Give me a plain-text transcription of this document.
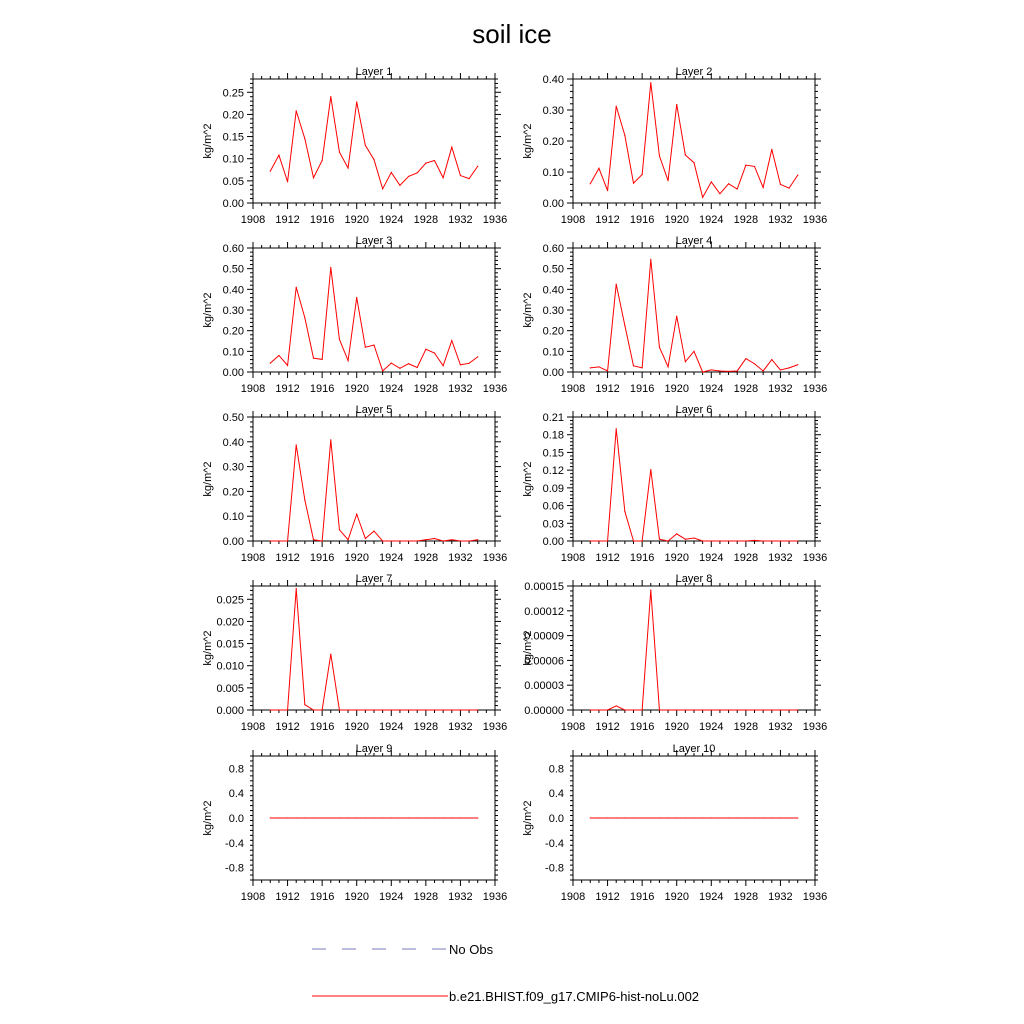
soil ice
Layer 1
kg/m^2
1908 1912 1916 1920 1924 1928 1932 1936
0.00
0.05
0.10
0.15
0.20
0.25
Layer 2
kg/m^2
1908 1912 1916 1920 1924 1928 1932 1936
0.00
0.10
0.20
0.30
0.40
Layer 3
kg/m^2
1908 1912 1916 1920 1924 1928 1932 1936
0.00
0.10
0.20
0.30
0.40
0.50
0.60
Layer 4
kg/m^2
1908 1912 1916 1920 1924 1928 1932 1936
0.00
0.10
0.20
0.30
0.40
0.50
0.60
Layer 5
kg/m^2
1908 1912 1916 1920 1924 1928 1932 1936
0.00
0.10
0.20
0.30
0.40
0.50
Layer 6
kg/m^2
1908 1912 1916 1920 1924 1928 1932 1936
0.00
0.03
0.06
0.09
0.12
0.15
0.18
0.21
Layer 7
kg/m^2
1908 1912 1916 1920 1924 1928 1932 1936
0.000
0.005
0.010
0.015
0.020
0.025
Layer 8
kg/m^2
1908 1912 1916 1920 1924 1928 1932 1936
0.00000
0.00003
0.00006
0.00009
0.00012
0.00015
Layer 9
kg/m^2
1908 1912 1916 1920 1924 1928 1932 1936
-0.8
-0.4
0.0
0.4
0.8
Layer 10
kg/m^2
1908 1912 1916 1920 1924 1928 1932 1936
-0.8
-0.4
0.0
0.4
0.8
No Obs
b.e21.BHIST.f09_g17.CMIP6-hist-noLu.002
